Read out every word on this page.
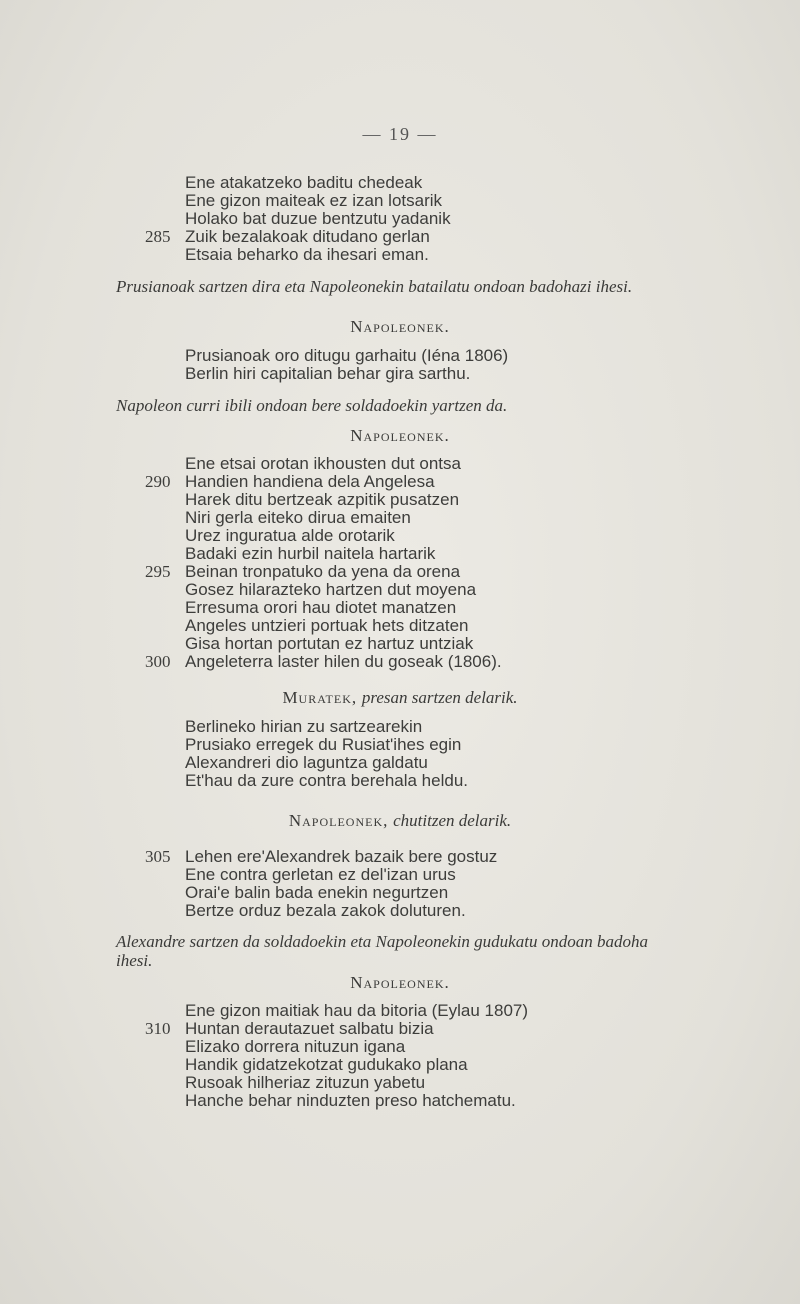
— 19 —
Ene atakatzeko baditu chedeak
Ene gizon maiteak ez izan lotsarik
Holako bat duzue bentzutu yadanik
285 Zuik bezalakoak ditudano gerlan
Etsaia beharko da ihesari eman.
Prusianoak sartzen dira eta Napoleonekin batailatu ondoan badohazi ihesi.
Napoleonek.
Prusianoak oro ditugu garhaitu (Iéna 1806)
Berlin hiri capitalian behar gira sarthu.
Napoleon curri ibili ondoan bere soldadoekin yartzen da.
Napoleonek.
Ene etsai orotan ikhousten dut ontsa
290 Handien handiena dela Angelesa
Harek ditu bertzeak azpitik pusatzen
Niri gerla eiteko dirua emaiten
Urez inguratua alde orotarik
Badaki ezin hurbil naitela hartarik
295 Beinan tronpatuko da yena da orena
Gosez hilarazteko hartzen dut moyena
Erresuma orori hau diotet manatzen
Angeles untzieri portuak hets ditzaten
Gisa hortan portutan ez hartuz untziak
300 Angeleterra laster hilen du goseak (1806).
Muratek, presan sartzen delarik.
Berlineko hirian zu sartzearekin
Prusiako erregek du Rusiat'ihes egin
Alexandreri dio laguntza galdatu
Et'hau da zure contra berehala heldu.
Napoleonek, chutitzen delarik.
305 Lehen ere'Alexandrek bazaik bere gostuz
Ene contra gerletan ez del'izan urus
Orai'e balin bada enekin negurtzen
Bertze orduz bezala zakok doluturen.
Alexandre sartzen da soldadoekin eta Napoleonekin gudukatu ondoan badoha ihesi.
Napoleonek.
Ene gizon maitiak hau da bitoria (Eylau 1807)
310 Huntan derautazuet salbatu bizia
Elizako dorrera nituzun igana
Handik gidatzekotzat gudukako plana
Rusoak hilheriaz zituzun yabetu
Hanche behar ninduzten preso hatchematu.
